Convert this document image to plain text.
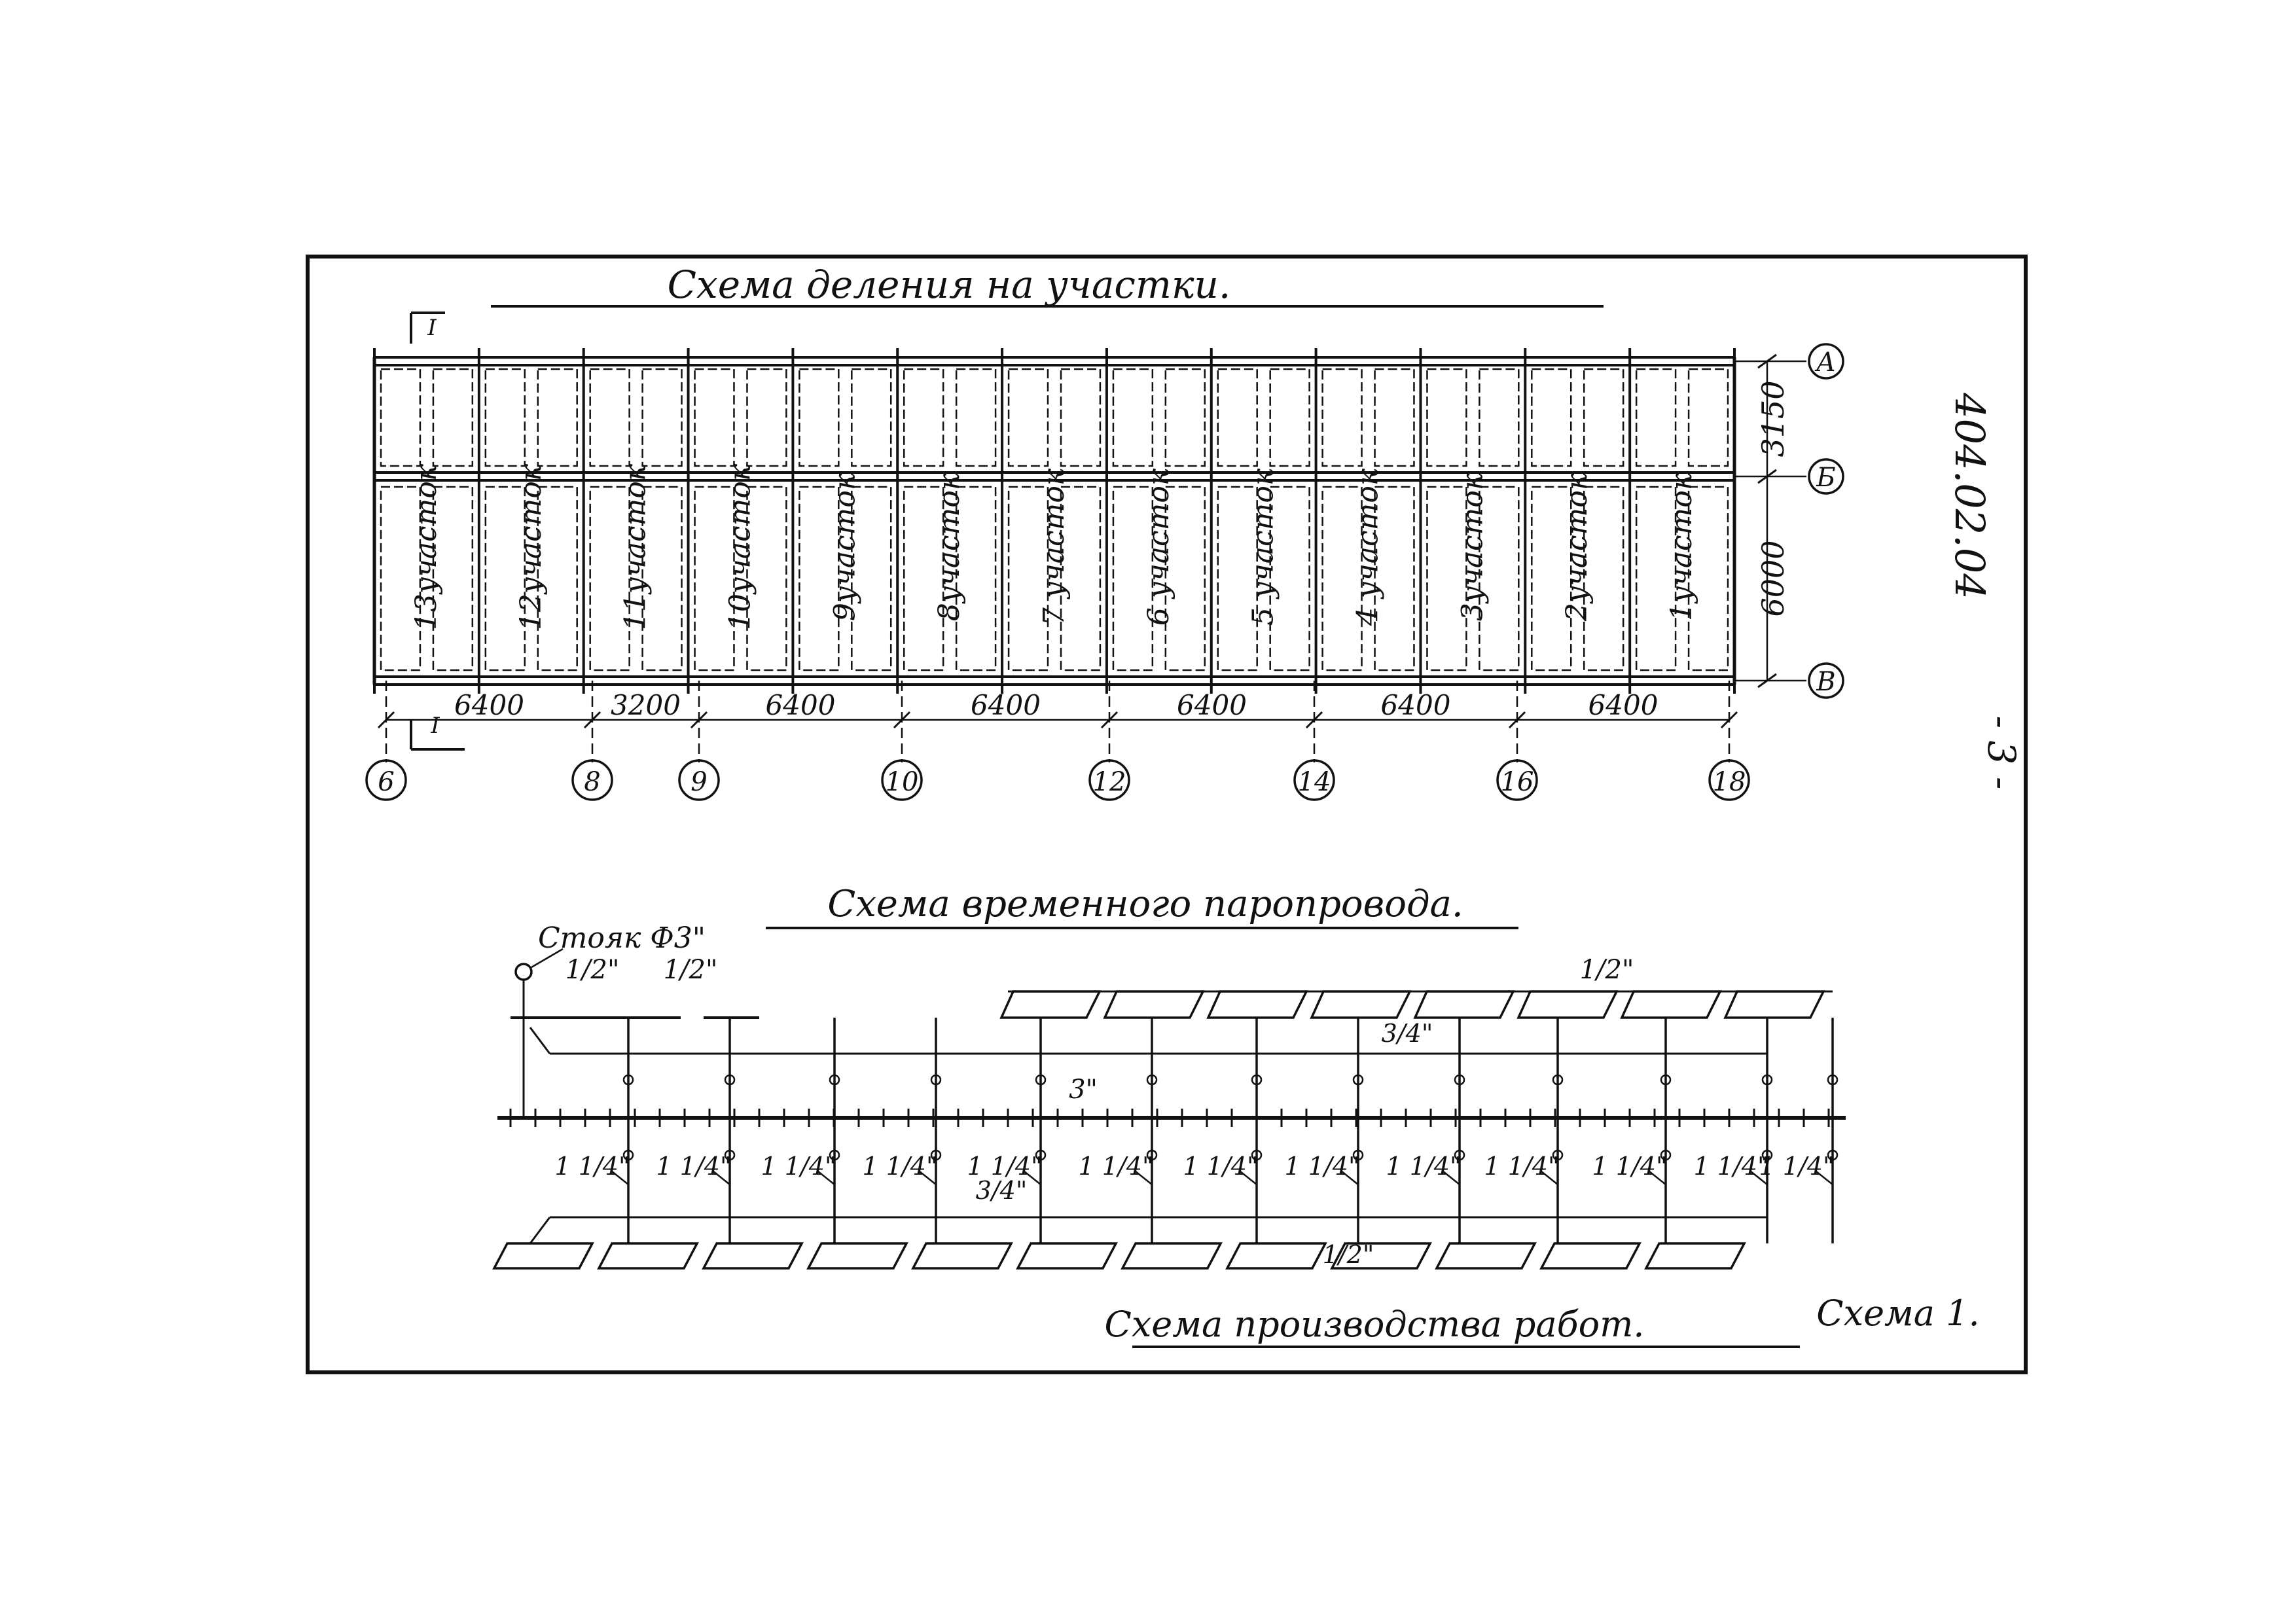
Схема деления на участки.
13участок 12участок 11участок 10участок 9участок 8участок 7 участок 6 участок 5 участок 4 участок 3участок 2участок 1участок
А
Б
В
3150
6000
6	8	9	10	12	14	16	18
6400	3200	6400	6400	6400	6400	6400
I
I
404.02.04
- 3 -
Схема временного паропровода.
Стояк Ф3"
1 1/4" 1 1/4" 1 1/4" 1 1/4" 1 1/4" 1 1/4" 1 1/4" 1 1/4" 1 1/4" 1 1/4" 1 1/4" 1 1/4"
1 1/4"
1/2" 1/2"	1/2"
3/4"
3"
3/4"
1/2"
Схема производства работ.	Схема 1.
